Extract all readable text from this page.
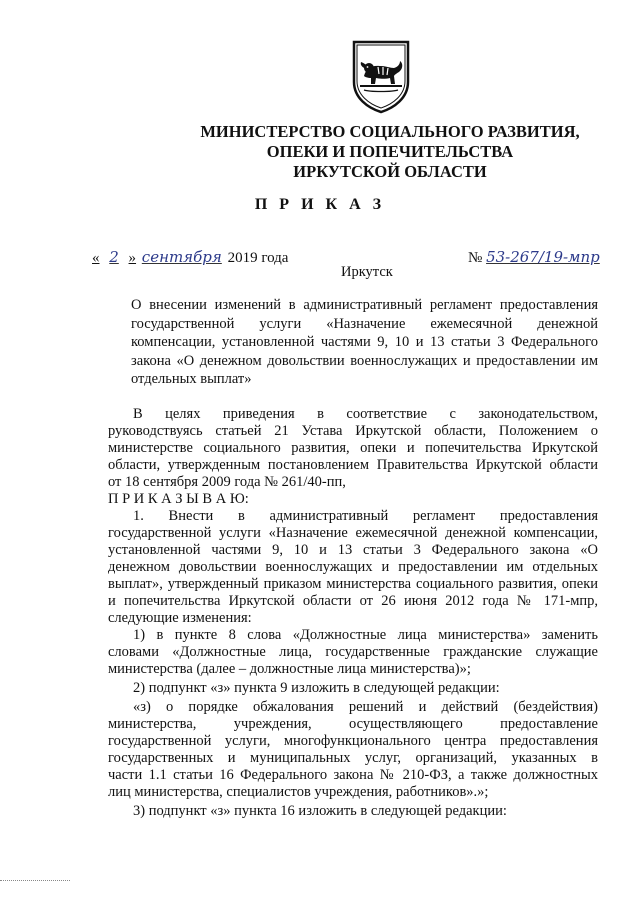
МИНИСТЕРСТВО СОЦИАЛЬНОГО РАЗВИТИЯ,
ОПЕКИ И ПОПЕЧИТЕЛЬСТВА
ИРКУТСКОЙ ОБЛАСТИ
П Р И К А З
« 2 » сентября 2019 года	№ 53-267/19-мпр
Иркутск

О внесении изменений в административный регламент предоставления государственной услуги «Назначение ежемесячной денежной компенсации, установленной частями 9, 10 и 13 статьи 3 Федерального закона «О денежном довольствии военнослужащих и предоставлении им отдельных выплат»

В целях приведения в соответствие с законодательством,
руководствуясь статьей 21 Устава Иркутской области, Положением о
министерстве социального развития, опеки и попечительства Иркутской
области, утвержденным постановлением Правительства Иркутской области
от 18 сентября 2009 года № 261/40-пп,
П Р И К А З Ы В А Ю:
1. Внести в административный регламент предоставления
государственной услуги «Назначение ежемесячной денежной компенсации,
установленной частями 9, 10 и 13 статьи 3 Федерального закона «О
денежном довольствии военнослужащих и предоставлении им отдельных
выплат», утвержденный приказом министерства социального развития, опеки
и попечительства Иркутской области от 26 июня 2012 года № 171-мпр,
следующие изменения:
1) в пункте 8 слова «Должностные лица министерства» заменить
словами «Должностные лица, государственные гражданские служащие
министерства (далее – должностные лица министерства)»;
2) подпункт «з» пункта 9 изложить в следующей редакции:
«з) о порядке обжалования решений и действий (бездействия)
министерства, учреждения, осуществляющего предоставление
государственной услуги, многофункционального центра предоставления
государственных и муниципальных услуг, организаций, указанных в
части 1.1 статьи 16 Федерального закона № 210-ФЗ, а также должностных
лиц министерства, специалистов учреждения, работников».»;
3) подпункт «з» пункта 16 изложить в следующей редакции:
